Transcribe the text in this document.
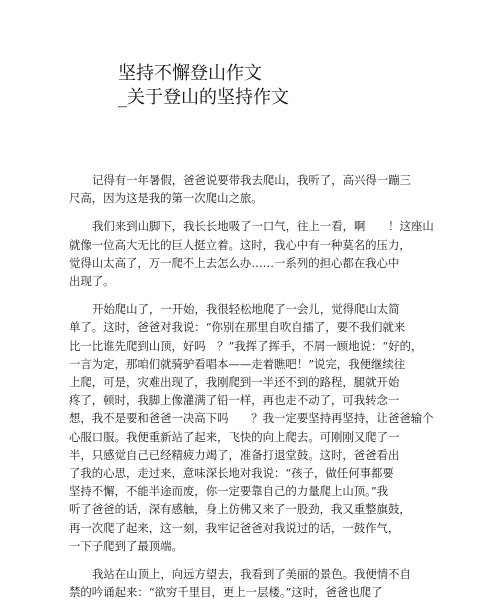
坚持不懈登山作文
_关于登山的坚持作文
记得有一年暑假，爸爸说要带我去爬山，我听了，高兴得一蹦三
尺高，因为这是我的第一次爬山之旅。
我们来到山脚下，我长长地吸了一口气，往上一看，啊　　！这座山
就像一位高大无比的巨人挺立着。这时，我心中有一种莫名的压力，
觉得山太高了，万一爬不上去怎么办……一系列的担心都在我心中
出现了。
开始爬山了，一开始，我很轻松地爬了一会儿，觉得爬山太简
单了。这时，爸爸对我说：“你别在那里自吹自擂了，要不我们就来
比一比谁先爬到山顶，好吗　？”我挥了挥手，不屑一顾地说：“好的，
一言为定，那咱们就骑驴看唱本——走着瞧吧！”说完，我便继续往
上爬，可是，灾难出现了，我刚爬到一半还不到的路程，腿就开始
疼了，顿时，我脚上像灌满了铅一样，再也走不动了，可我转念一
想，我不是要和爸爸一决高下吗　　？我一定要坚持再坚持，让爸爸输个
心服口服。我便重新站了起来，飞快的向上爬去。可刚刚又爬了一
半，只感觉自己已经精疲力竭了，准备打退堂鼓。这时，爸爸看出
了我的心思，走过来，意味深长地对我说：“孩子，做任何事都要
坚持不懈，不能半途而废，你一定要靠自己的力量爬上山顶。”我
听了爸爸的话，深有感触，身上仿佛又来了一股劲，我又重整旗鼓，
再一次爬了起来，这一刻，我牢记爸爸对我说过的话，一鼓作气，
一下子爬到了最顶端。
我站在山顶上，向远方望去，我看到了美丽的景色。我便情不自
禁的吟诵起来：“欲穷千里目，更上一层楼。”这时，爸爸也爬了
